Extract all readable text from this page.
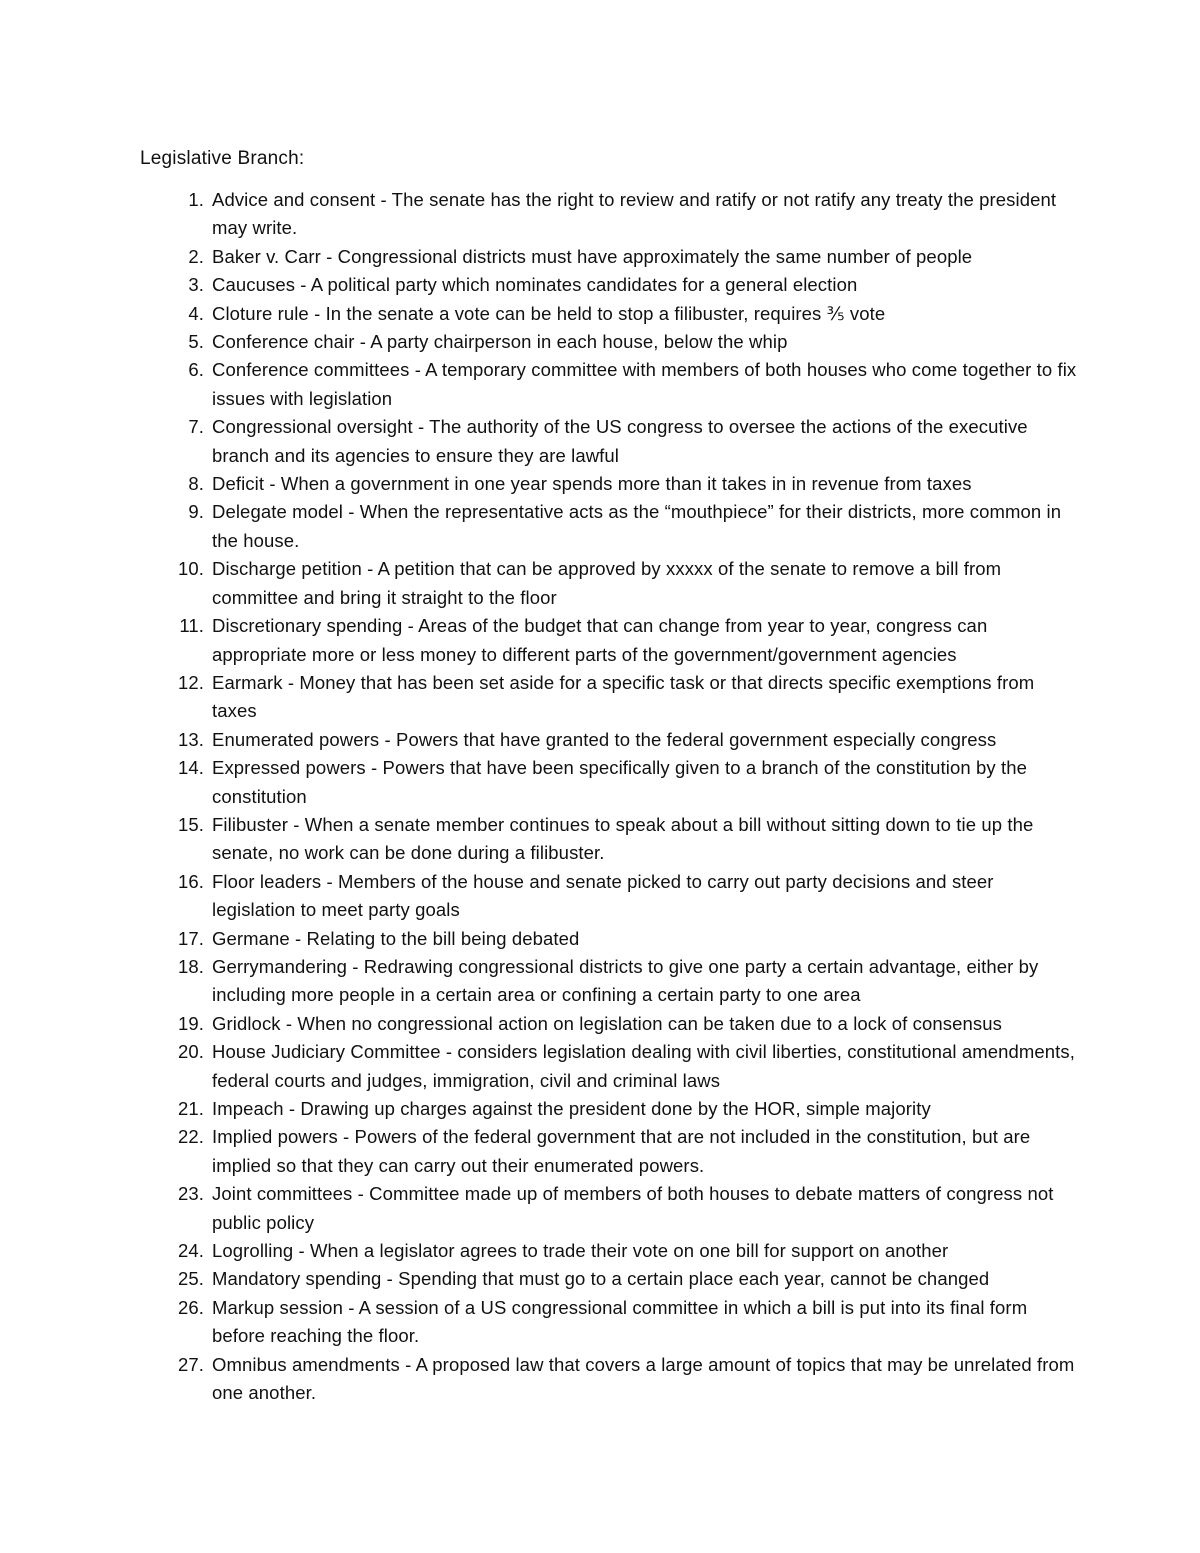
Legislative Branch:
1 . Advice and consent - The senate has the right to review and ratify or not ratify any treaty the president may write.
2 . Baker v. Carr - Congressional districts must have approximately the same number of people
3 . Caucuses - A political party which nominates candidates for a general election
4 . Cloture rule - In the senate a vote can be held to stop a filibuster, requires ⅗ vote
5 . Conference chair - A party chairperson in each house, below the whip
6 . Conference committees - A temporary committee with members of both houses who come together to fix issues with legislation
7 . Congressional oversight - The authority of the US congress to oversee the actions of the executive branch and its agencies to ensure they are lawful
8 . Deficit - When a government in one year spends more than it takes in in revenue from taxes
9 . Delegate model - When the representative acts as the “mouthpiece” for their districts, more common in the house.
10 . Discharge petition - A petition that can be approved by xxxxx of the senate to remove a bill from committee and bring it straight to the floor
11 . Discretionary spending - Areas of the budget that can change from year to year, congress can appropriate more or less money to different parts of the government/government agencies
12 . Earmark - Money that has been set aside for a specific task or that directs specific exemptions from taxes
13 . Enumerated powers - Powers that have granted to the federal government especially congress
14 . Expressed powers - Powers that have been specifically given to a branch of the constitution by the constitution
15 . Filibuster - When a senate member continues to speak about a bill without sitting down to tie up the senate, no work can be done during a filibuster.
16 . Floor leaders - Members of the house and senate picked to carry out party decisions and steer legislation to meet party goals
17 . Germane - Relating to the bill being debated
18 . Gerrymandering - Redrawing congressional districts to give one party a certain advantage, either by including more people in a certain area or confining a certain party to one area
19 . Gridlock - When no congressional action on legislation can be taken due to a lock of consensus
20 . House Judiciary Committee - considers legislation dealing with civil liberties, constitutional amendments, federal courts and judges, immigration, civil and criminal laws
21 . Impeach - Drawing up charges against the president done by the HOR, simple majority
22 . Implied powers - Powers of the federal government that are not included in the constitution, but are implied so that they can carry out their enumerated powers.
23 . Joint committees - Committee made up of members of both houses to debate matters of congress not public policy
24 . Logrolling - When a legislator agrees to trade their vote on one bill for support on another
25 . Mandatory spending - Spending that must go to a certain place each year, cannot be changed
26 . Markup session - A session of a US congressional committee in which a bill is put into its final form before reaching the floor.
27 . Omnibus amendments - A proposed law that covers a large amount of topics that may be unrelated from one another.
